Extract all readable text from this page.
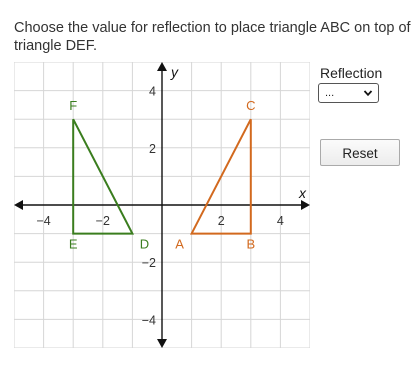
Choose the value for reflection to place triangle ABC on top of triangle DEF.
x
y
−4	−2	2	4
4
2
−2
−4
A	B
C
D
E
F
Reflection
...
Reset
